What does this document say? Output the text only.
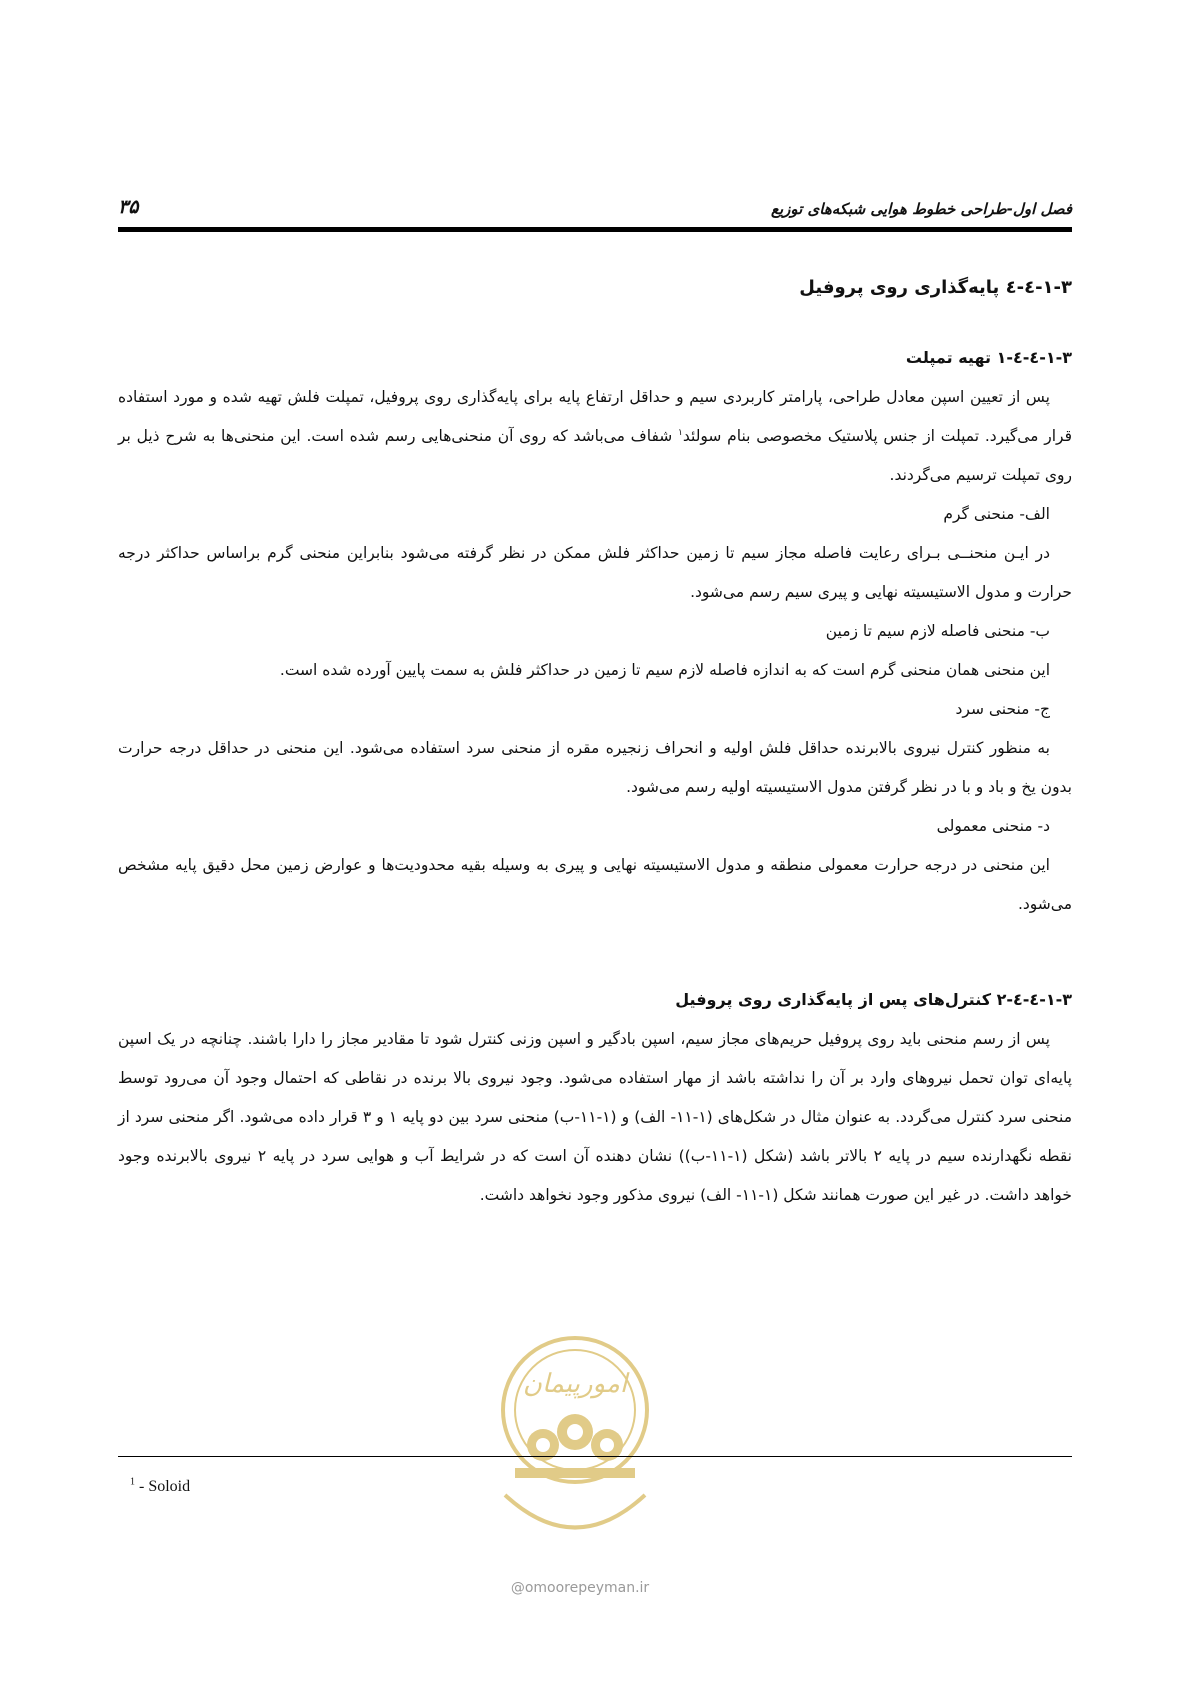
فصل اول-طراحی خطوط هوایی شبکه‌های توزیع
۳۵

۱-۳-٤-٤ پایه‌گذاری روی پروفیل

۱-۳-٤-٤-۱ تهیه تمپلت

پس از تعیین اسپن معادل طراحی، پارامتر کاربردی سیم و حداقل ارتفاع پایه برای پایه‌گذاری روی پروفیل، تمپلت فلش تهیه شده و مورد استفاده قرار می‌گیرد. تمپلت از جنس پلاستیک مخصوصی بنام سولئد$^۱$ شفاف می‌باشد که روی آن منحنی‌هایی رسم شده است. این منحنی‌ها به شرح ذیل بر روی تمپلت ترسیم می‌گردند.

الف- منحنی گرم

در ایـن منحنــی بـرای رعایت فاصله مجاز سیم تا زمین حداکثر فلش ممکن در نظر گرفته می‌شود بنابراین منحنی گرم براساس حداکثر درجه حرارت و مدول الاستیسیته نهایی و پیری سیم رسم می‌شود.

ب- منحنی فاصله لازم سیم تا زمین

این منحنی همان منحنی گرم است که به اندازه فاصله لازم سیم تا زمین در حداکثر فلش به سمت پایین آورده شده است.

ج- منحنی سرد

به منظور کنترل نیروی بالابرنده حداقل فلش اولیه و انحراف زنجیره مقره از منحنی سرد استفاده می‌شود. این منحنی در حداقل درجه حرارت بدون یخ و باد و با در نظر گرفتن مدول الاستیسیته اولیه رسم می‌شود.

د- منحنی معمولی

این منحنی در درجه حرارت معمولی منطقه و مدول الاستیسیته نهایی و پیری به وسیله بقیه محدودیت‌ها و عوارض زمین محل دقیق پایه مشخص می‌شود.

۱-۳-٤-٤-۲ کنترل‌های پس از پایه‌گذاری روی پروفیل

پس از رسم منحنی باید روی پروفیل حریم‌های مجاز سیم، اسپن بادگیر و اسپن وزنی کنترل شود تا مقادیر مجاز را دارا باشند. چنانچه در یک اسپن پایه‌ای توان تحمل نیروهای وارد بر آن را نداشته باشد از مهار استفاده می‌شود. وجود نیروی بالا برنده در نقاطی که احتمال وجود آن می‌رود توسط منحنی سرد کنترل می‌گردد. به عنوان مثال در شکل‌های (۱-۱۱- الف) و (۱-۱۱-ب) منحنی سرد بین دو پایه ۱ و ۳ قرار داده می‌شود. اگر منحنی سرد از نقطه نگهدارنده سیم در پایه ۲ بالاتر باشد (شکل (۱-۱۱-ب)) نشان دهنده آن است که در شرایط آب و هوایی سرد در پایه ۲ نیروی بالابرنده وجود خواهد داشت. در غیر این صورت همانند شکل (۱-۱۱- الف) نیروی مذکور وجود نخواهد داشت.

امورپیمان
@omoorepeyman.ir
$^1$ - Soloid
